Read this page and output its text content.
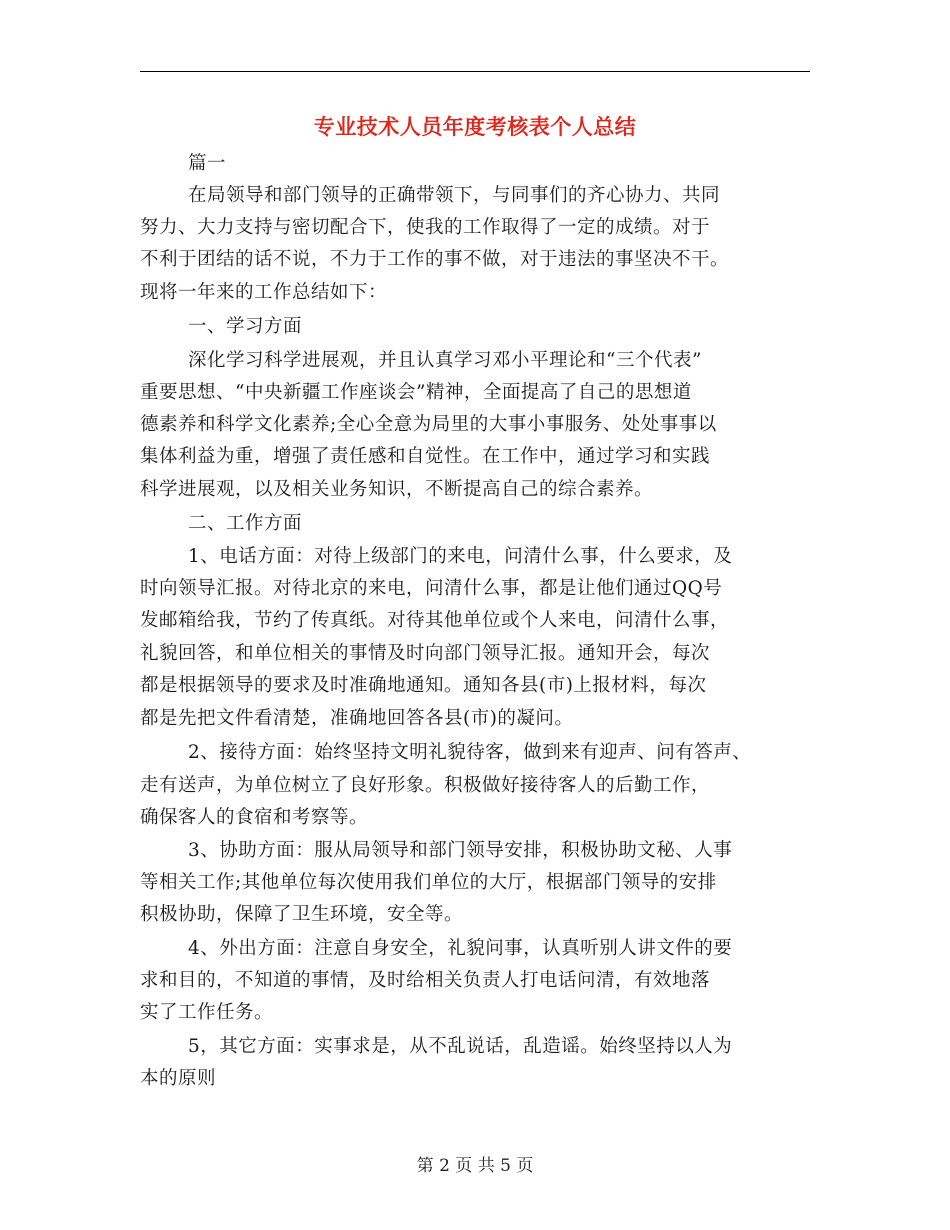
专业技术人员年度考核表个人总结
篇一
在局领导和部门领导的正确带领下，与同事们的齐心协力、共同
努力、大力支持与密切配合下，使我的工作取得了一定的成绩。对于
不利于团结的话不说，不力于工作的事不做，对于违法的事坚决不干。
现将一年来的工作总结如下：
一、学习方面
深化学习科学进展观，并且认真学习邓小平理论和“三个代表”
重要思想、“中央新疆工作座谈会”精神，全面提高了自己的思想道
德素养和科学文化素养;全心全意为局里的大事小事服务、处处事事以
集体利益为重，增强了责任感和自觉性。在工作中，通过学习和实践
科学进展观，以及相关业务知识，不断提高自己的综合素养。
二、工作方面
1、电话方面：对待上级部门的来电，问清什么事，什么要求，及
时向领导汇报。对待北京的来电，问清什么事，都是让他们通过QQ号
发邮箱给我，节约了传真纸。对待其他单位或个人来电，问清什么事，
礼貌回答，和单位相关的事情及时向部门领导汇报。通知开会，每次
都是根据领导的要求及时准确地通知。通知各县(市)上报材料，每次
都是先把文件看清楚，准确地回答各县(市)的凝问。
2、接待方面：始终坚持文明礼貌待客，做到来有迎声、问有答声、
走有送声，为单位树立了良好形象。积极做好接待客人的后勤工作，
确保客人的食宿和考察等。
3、协助方面：服从局领导和部门领导安排，积极协助文秘、人事
等相关工作;其他单位每次使用我们单位的大厅，根据部门领导的安排
积极协助，保障了卫生环境，安全等。
4、外出方面：注意自身安全，礼貌问事，认真听别人讲文件的要
求和目的，不知道的事情，及时给相关负责人打电话问清，有效地落
实了工作任务。
5，其它方面：实事求是，从不乱说话，乱造谣。始终坚持以人为
本的原则
第 2 页 共 5 页
